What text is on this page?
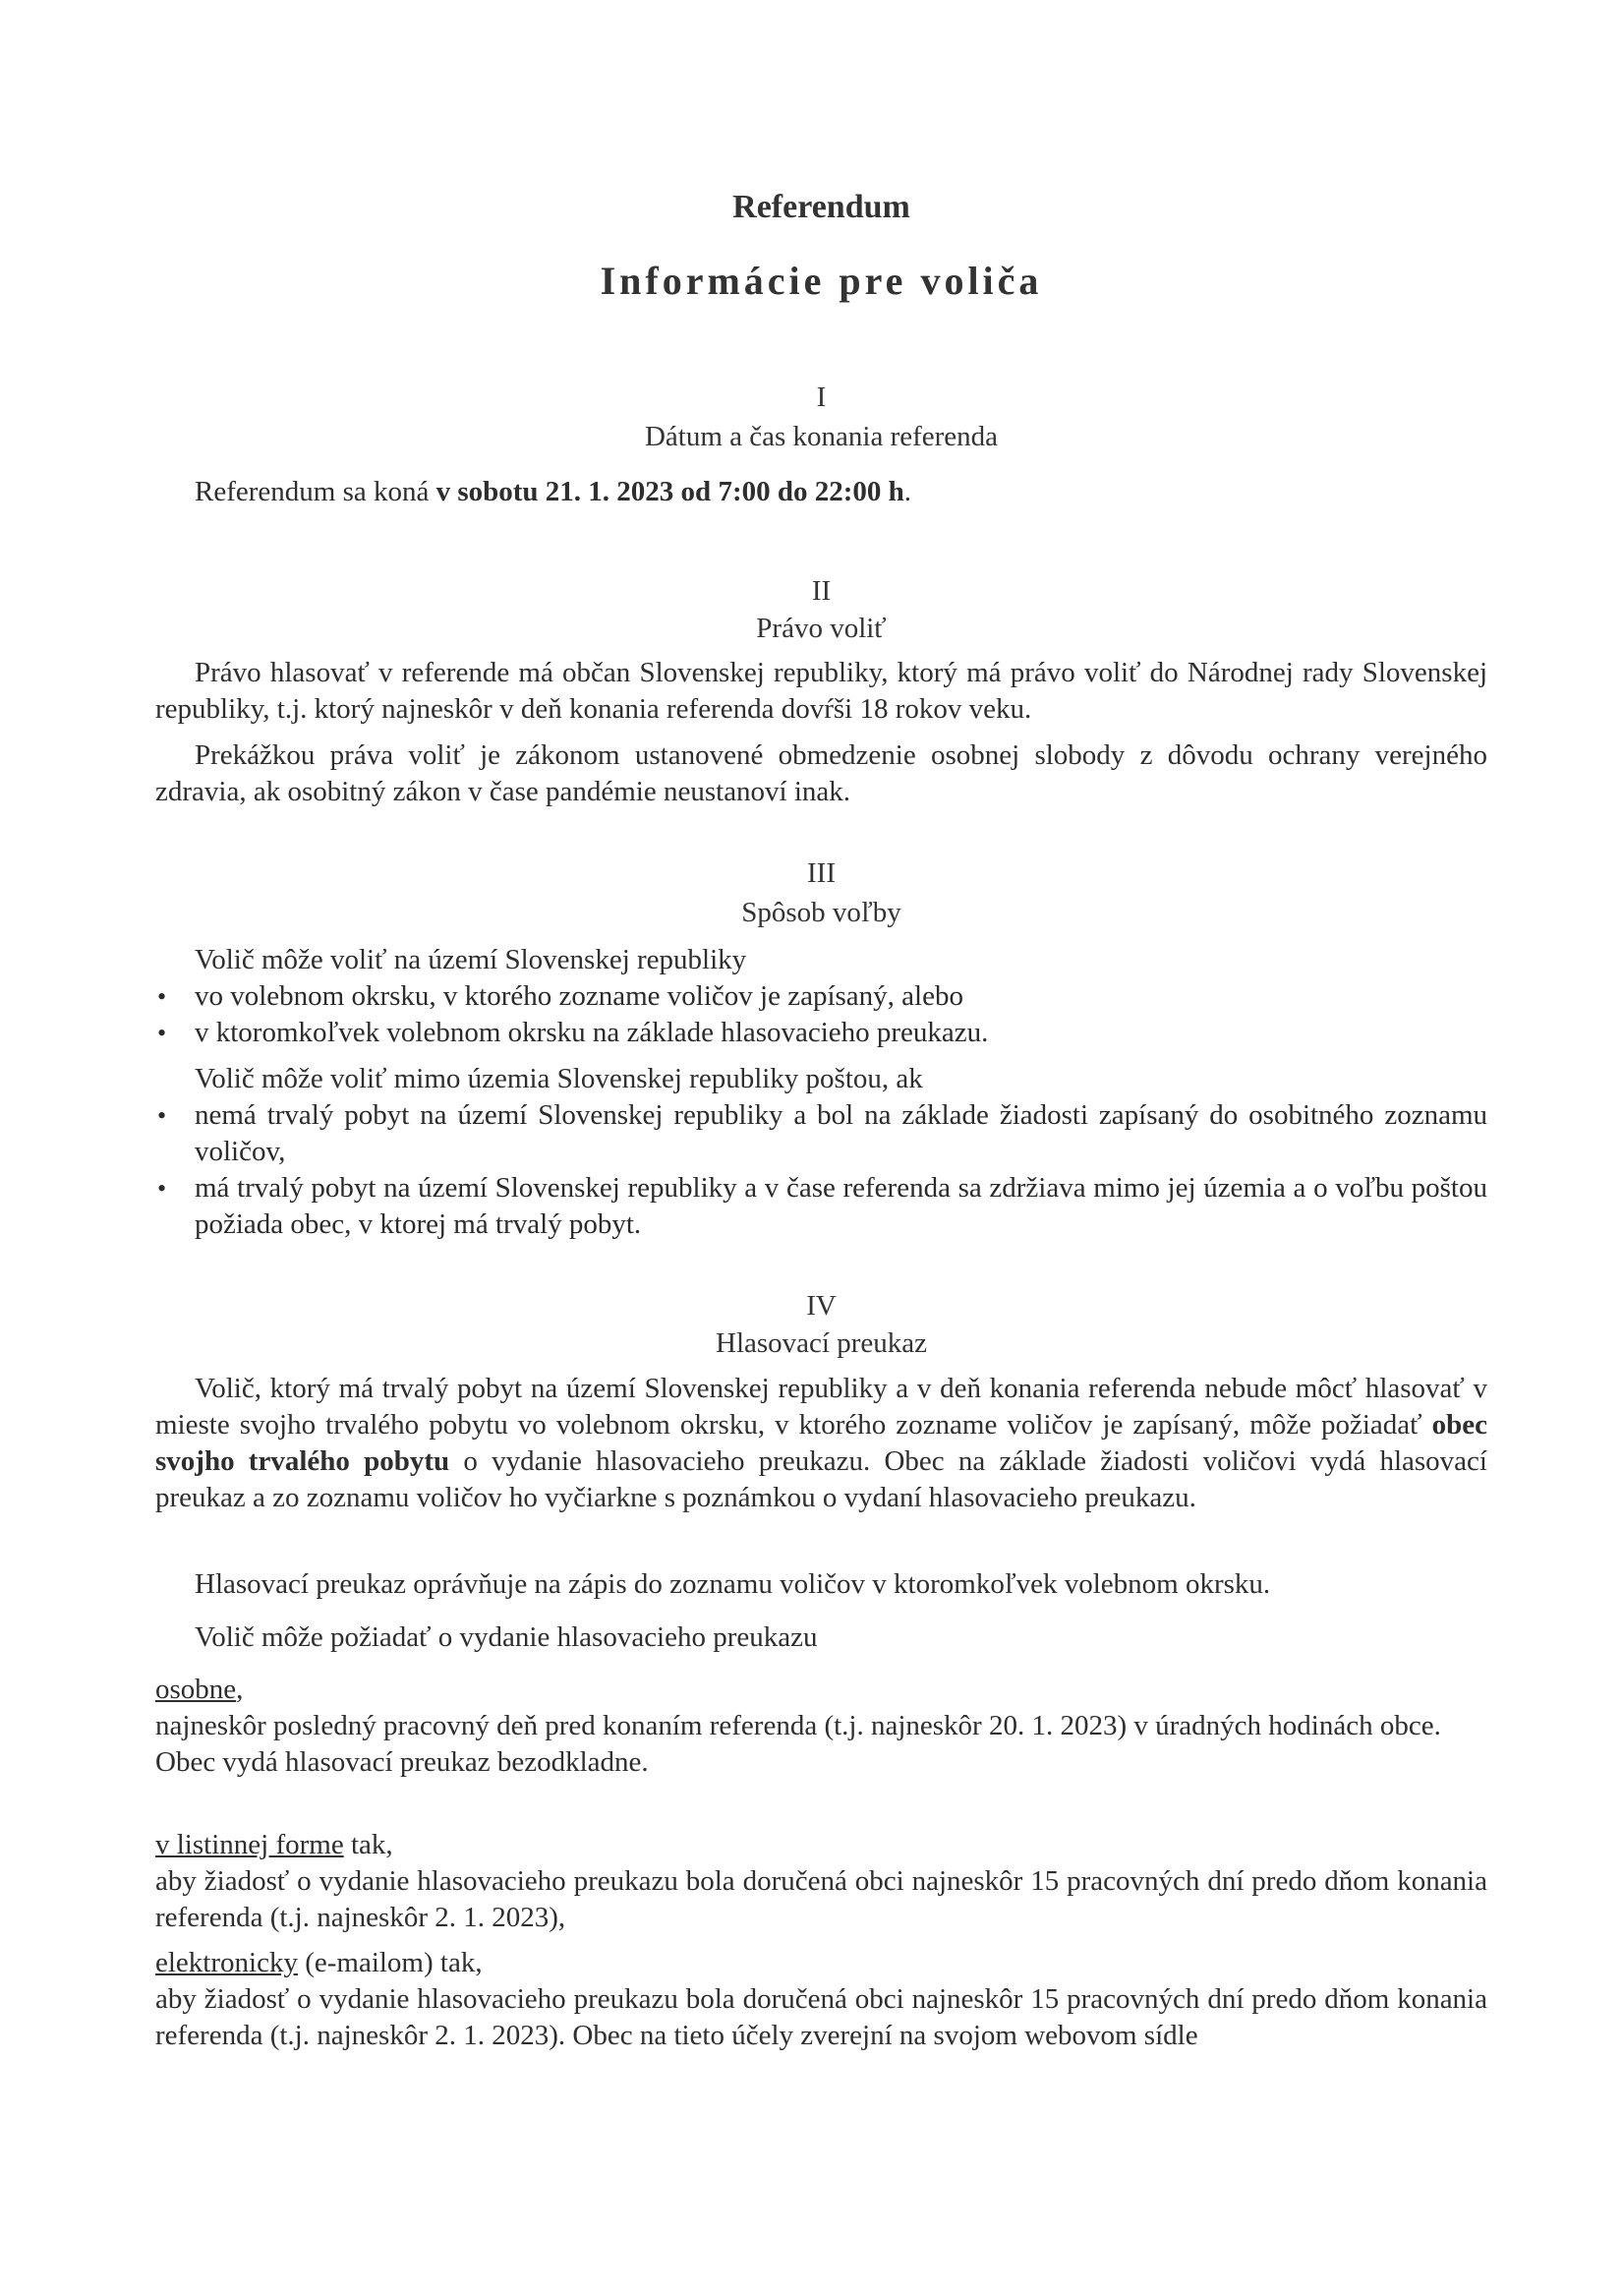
Referendum
Informácie pre voliča
I
Dátum a čas konania referenda
Referendum sa koná v sobotu 21. 1. 2023 od 7:00 do 22:00 h.
II
Právo voliť
Právo hlasovať v referende má občan Slovenskej republiky, ktorý má právo voliť do Národnej rady Slovenskej republiky, t.j. ktorý najneskôr v deň konania referenda dovŕši 18 rokov veku.
Prekážkou práva voliť je zákonom ustanovené obmedzenie osobnej slobody z dôvodu ochrany verejného zdravia, ak osobitný zákon v čase pandémie neustanoví inak.
III
Spôsob voľby
Volič môže voliť na území Slovenskej republiky
• vo volebnom okrsku, v ktorého zozname voličov je zapísaný, alebo
• v ktoromkoľvek volebnom okrsku na základe hlasovacieho preukazu.
Volič môže voliť mimo územia Slovenskej republiky poštou, ak
• nemá trvalý pobyt na území Slovenskej republiky a bol na základe žiadosti zapísaný do osobitného zoznamu voličov,
• má trvalý pobyt na území Slovenskej republiky a v čase referenda sa zdržiava mimo jej územia a o voľbu poštou požiada obec, v ktorej má trvalý pobyt.
IV
Hlasovací preukaz
Volič, ktorý má trvalý pobyt na území Slovenskej republiky a v deň konania referenda nebude môcť hlasovať v mieste svojho trvalého pobytu vo volebnom okrsku, v ktorého zozname voličov je zapísaný, môže požiadať obec svojho trvalého pobytu o vydanie hlasovacieho preukazu. Obec na základe žiadosti voličovi vydá hlasovací preukaz a zo zoznamu voličov ho vyčiarkne s poznámkou o vydaní hlasovacieho preukazu.
Hlasovací preukaz oprávňuje na zápis do zoznamu voličov v ktoromkoľvek volebnom okrsku.
Volič môže požiadať o vydanie hlasovacieho preukazu
osobne,
najneskôr posledný pracovný deň pred konaním referenda (t.j. najneskôr 20. 1. 2023) v úradných hodinách obce.
Obec vydá hlasovací preukaz bezodkladne.
v listinnej forme tak,
aby žiadosť o vydanie hlasovacieho preukazu bola doručená obci najneskôr 15 pracovných dní predo dňom konania referenda (t.j. najneskôr 2. 1. 2023),
elektronicky (e-mailom) tak,
aby žiadosť o vydanie hlasovacieho preukazu bola doručená obci najneskôr 15 pracovných dní predo dňom konania referenda (t.j. najneskôr 2. 1. 2023). Obec na tieto účely zverejní na svojom webovom sídle
